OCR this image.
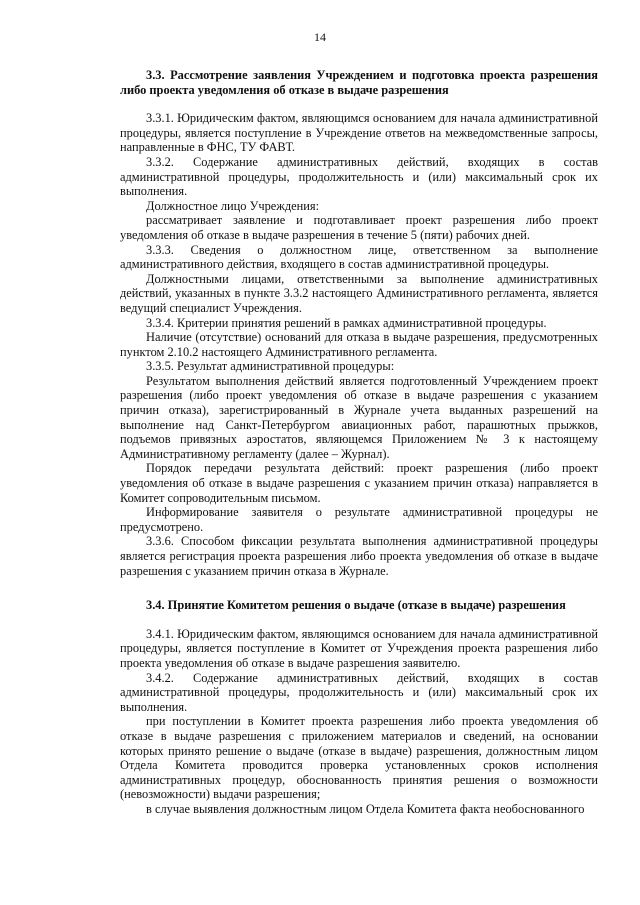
14

3.3. Рассмотрение заявления Учреждением и подготовка проекта разрешения либо проекта уведомления об отказе в выдаче разрешения

3.3.1. Юридическим фактом, являющимся основанием для начала административной процедуры, является поступление в Учреждение ответов на межведомственные запросы, направленные в ФНС, ТУ ФАВТ.

3.3.2. Содержание административных действий, входящих в состав административной процедуры, продолжительность и (или) максимальный срок их выполнения.

Должностное лицо Учреждения:

рассматривает заявление и подготавливает проект разрешения либо проект уведомления об отказе в выдаче разрешения в течение 5 (пяти) рабочих дней.

3.3.3. Сведения о должностном лице, ответственном за выполнение административного действия, входящего в состав административной процедуры.

Должностными лицами, ответственными за выполнение административных действий, указанных в пункте 3.3.2 настоящего Административного регламента, является ведущий специалист Учреждения.

3.3.4. Критерии принятия решений в рамках административной процедуры.

Наличие (отсутствие) оснований для отказа в выдаче разрешения, предусмотренных пунктом 2.10.2 настоящего Административного регламента.

3.3.5. Результат административной процедуры:

Результатом выполнения действий является подготовленный Учреждением проект разрешения (либо проект уведомления об отказе в выдаче разрешения с указанием причин отказа), зарегистрированный в Журнале учета выданных разрешений на выполнение над Санкт-Петербургом авиационных работ, парашютных прыжков, подъемов привязных аэростатов, являющемся Приложением № 3 к настоящему Административному регламенту (далее – Журнал).

Порядок передачи результата действий: проект разрешения (либо проект уведомления об отказе в выдаче разрешения с указанием причин отказа) направляется в Комитет сопроводительным письмом.

Информирование заявителя о результате административной процедуры не предусмотрено.

3.3.6. Способом фиксации результата выполнения административной процедуры является регистрация проекта разрешения либо проекта уведомления об отказе в выдаче разрешения с указанием причин отказа в Журнале.

3.4. Принятие Комитетом решения о выдаче (отказе в выдаче) разрешения

3.4.1. Юридическим фактом, являющимся основанием для начала административной процедуры, является поступление в Комитет от Учреждения проекта разрешения либо проекта уведомления об отказе в выдаче разрешения заявителю.

3.4.2. Содержание административных действий, входящих в состав административной процедуры, продолжительность и (или) максимальный срок их выполнения.

при поступлении в Комитет проекта разрешения либо проекта уведомления об отказе в выдаче разрешения с приложением материалов и сведений, на основании которых принято решение о выдаче (отказе в выдаче) разрешения, должностным лицом Отдела Комитета проводится проверка установленных сроков исполнения административных процедур, обоснованность принятия решения о возможности (невозможности) выдачи разрешения;

в случае выявления должностным лицом Отдела Комитета факта необоснованного
